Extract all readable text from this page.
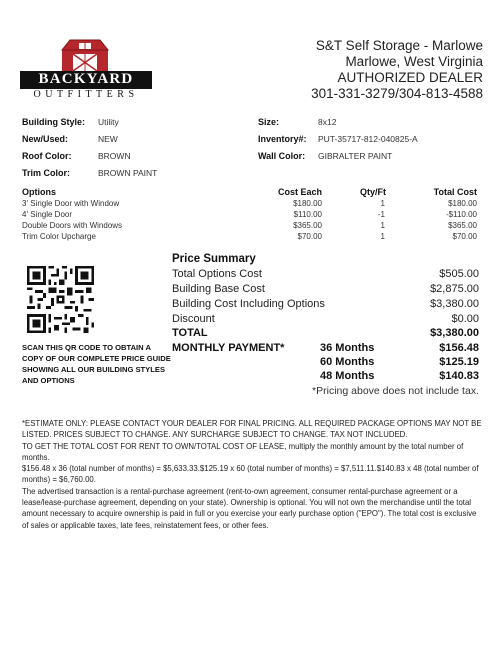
BACKYARD
OUTFITTERS
S&T Self Storage - Marlowe
Marlowe, West Virginia
AUTHORIZED DEALER
301-331-3279/304-813-4588
Building Style: Utility
New/Used:	NEW
Roof Color:	BROWN
Trim Color:	BROWN PAINT
Size:	8x12
Inventory#: PUT-35717-812-040825-A
Wall Color: GIBRALTER PAINT
Options	Cost Each	Qty/Ft	Total Cost
3' Single Door with Window	$180.00	1	$180.00
4' Single Door	$110.00	-1	-$110.00
Double Doors with Windows	$365.00	1	$365.00
Trim Color Upcharge	$70.00	1	$70.00
SCAN THIS QR CODE TO OBTAIN A COPY OF OUR COMPLETE PRICE GUIDE SHOWING ALL OUR BUILDING STYLES AND OPTIONS
Price Summary
Total Options Cost	$505.00
Building Base Cost	$2,875.00
Building Cost Including Options	$3,380.00
Discount	$0.00
TOTAL	$3,380.00
MONTHLY PAYMENT*	36 Months	$156.48
60 Months	$125.19
48 Months	$140.83
*Pricing above does not include tax.

*ESTIMATE ONLY: PLEASE CONTACT YOUR DEALER FOR FINAL PRICING. ALL REQUIRED PACKAGE OPTIONS MAY NOT BE LISTED. PRICES SUBJECT TO CHANGE. ANY SURCHARGE SUBJECT TO CHANGE. TAX NOT INCLUDED.

TO GET THE TOTAL COST FOR RENT TO OWN/TOTAL COST OF LEASE, multiply the monthly amount by the total number of months.

$156.48 x 36 (total number of months) = $5,633.33.$125.19 x 60 (total number of months) = $7,511.11.$140.83 x 48 (total number of months) = $6,760.00.

The advertised transaction is a rental-purchase agreement (rent-to-own agreement, consumer rental-purchase agreement or a lease/lease-purchase agreement, depending on your state). Ownership is optional. You will not own the merchandise until the total amount necessary to acquire ownership is paid in full or you exercise your early purchase option ("EPO"). The total cost is exclusive of sales or applicable taxes, late fees, reinstatement fees, or other fees.
